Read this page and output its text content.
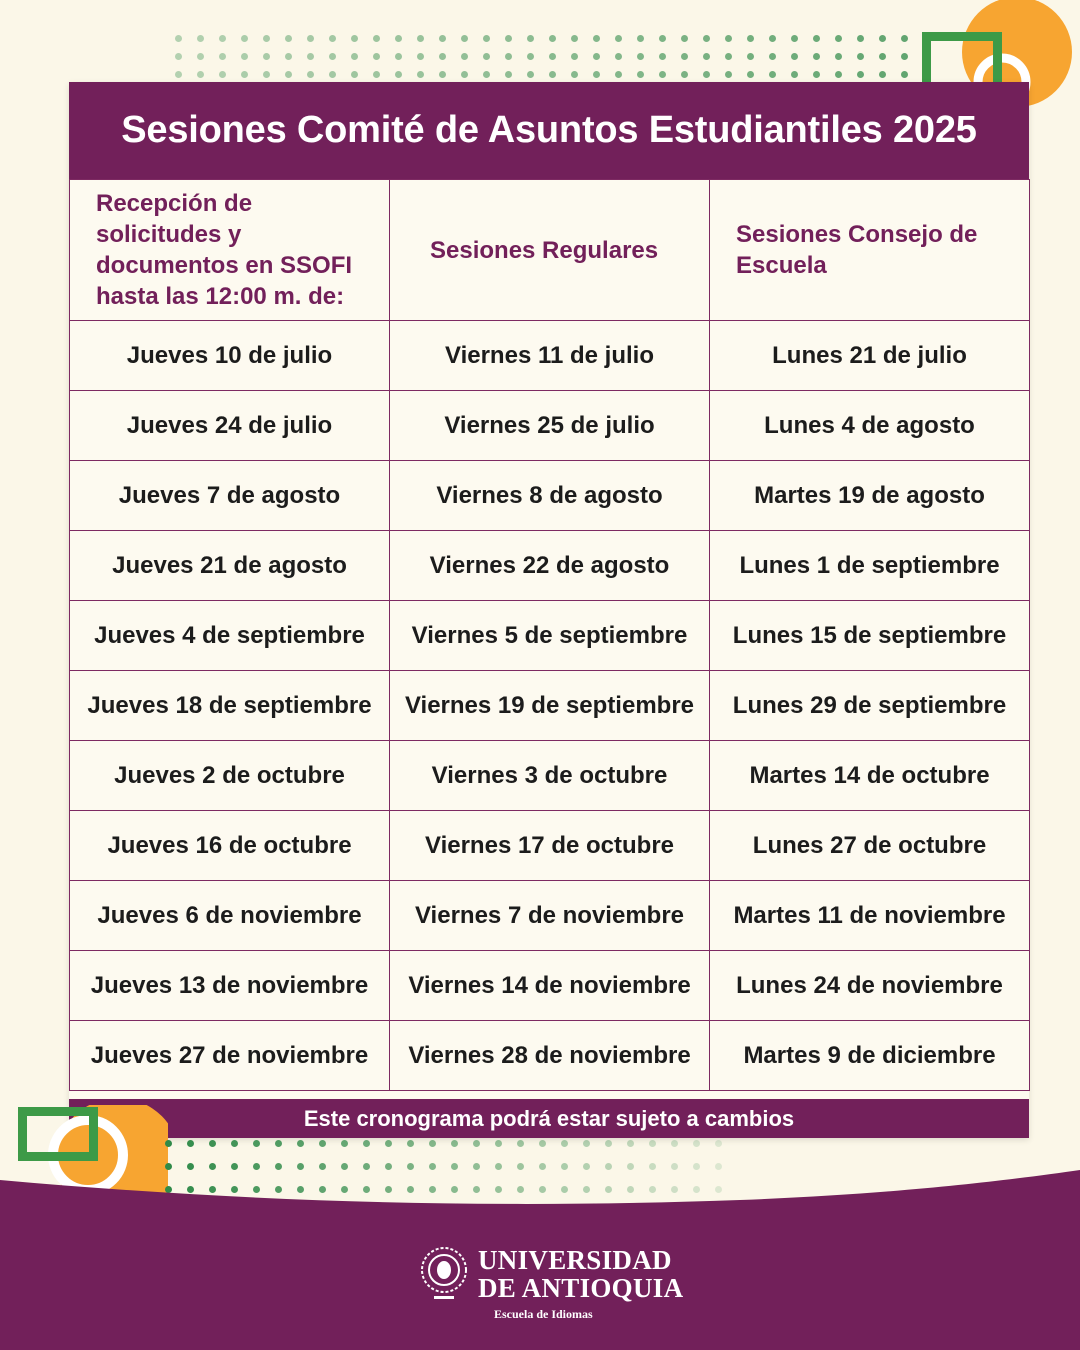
Sesiones Comité de Asuntos Estudiantiles 2025
Recepción de solicitudes y documentos en SSOFI hasta las 12:00 m. de:	Sesiones Regulares	Sesiones Consejo de Escuela

Jueves 10 de julio	Viernes 11 de julio	Lunes 21 de julio
Jueves 24 de julio	Viernes 25 de julio	Lunes 4 de agosto
Jueves 7 de agosto	Viernes 8 de agosto	Martes 19 de agosto
Jueves 21 de agosto	Viernes 22 de agosto	Lunes 1 de septiembre
Jueves 4 de septiembre	Viernes 5 de septiembre	Lunes 15 de septiembre
Jueves 18 de septiembre	Viernes 19 de septiembre	Lunes 29 de septiembre
Jueves 2 de octubre	Viernes 3 de octubre	Martes 14 de octubre
Jueves 16 de octubre	Viernes 17 de octubre	Lunes 27 de octubre
Jueves 6 de noviembre	Viernes 7 de noviembre	Martes 11 de noviembre
Jueves 13 de noviembre	Viernes 14 de noviembre	Lunes 24 de noviembre
Jueves 27 de noviembre	Viernes 28 de noviembre	Martes 9 de diciembre
Este cronograma podrá estar sujeto a cambios
UNIVERSIDAD
DE ANTIOQUIA
Escuela de Idiomas
